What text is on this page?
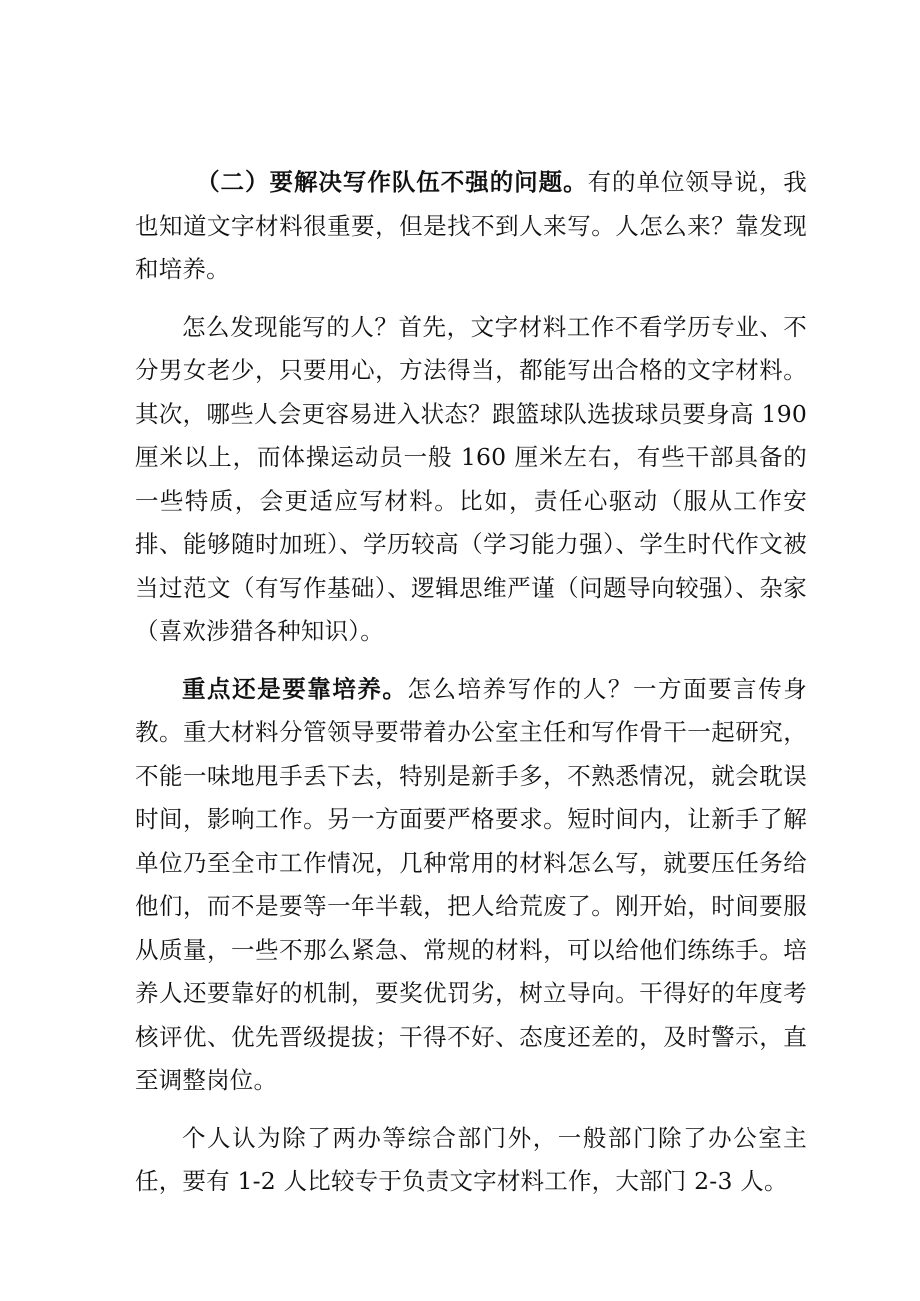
（二）要解决写作队伍不强的问题。有的单位领导说，我也知道文字材料很重要，但是找不到人来写。人怎么来？靠发现和培养。

怎么发现能写的人？首先，文字材料工作不看学历专业、不分男女老少，只要用心，方法得当，都能写出合格的文字材料。其次，哪些人会更容易进入状态？跟篮球队选拔球员要身高 190 厘米以上，而体操运动员一般 160 厘米左右，有些干部具备的一些特质，会更适应写材料。比如，责任心驱动（服从工作安排、能够随时加班）、学历较高（学习能力强）、学生时代作文被当过范文（有写作基础）、逻辑思维严谨（问题导向较强）、杂家（喜欢涉猎各种知识）。

重点还是要靠培养。怎么培养写作的人？一方面要言传身教。重大材料分管领导要带着办公室主任和写作骨干一起研究，不能一味地甩手丢下去，特别是新手多，不熟悉情况，就会耽误时间，影响工作。另一方面要严格要求。短时间内，让新手了解单位乃至全市工作情况，几种常用的材料怎么写，就要压任务给他们，而不是要等一年半载，把人给荒废了。刚开始，时间要服从质量，一些不那么紧急、常规的材料，可以给他们练练手。培养人还要靠好的机制，要奖优罚劣，树立导向。干得好的年度考核评优、优先晋级提拔；干得不好、态度还差的，及时警示，直至调整岗位。

个人认为除了两办等综合部门外，一般部门除了办公室主任，要有 1-2 人比较专于负责文字材料工作，大部门 2-3 人。
